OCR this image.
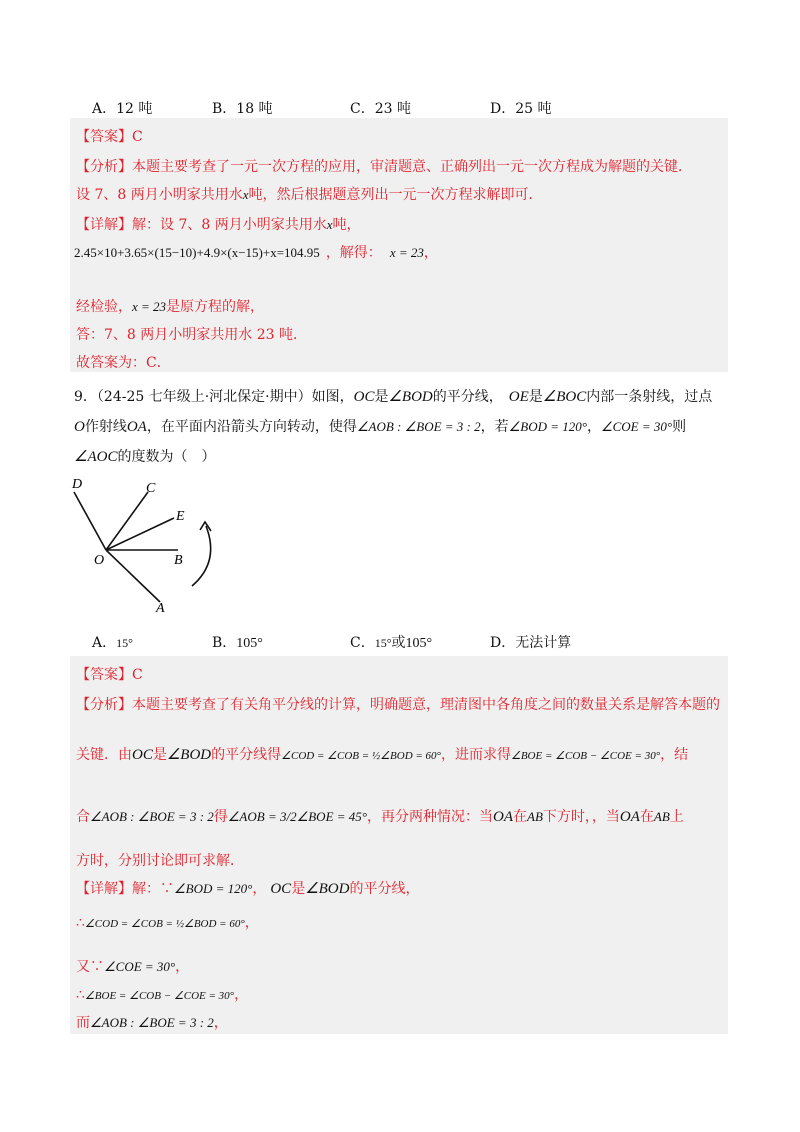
A．12 吨	B．18 吨	C．23 吨	D．25 吨
【答案】C
【分析】本题主要考查了一元一次方程的应用，审清题意、正确列出一元一次方程成为解题的关键．
设 7、8 两月小明家共用水x吨，然后根据题意列出一元一次方程求解即可．
【详解】解：设 7、8 两月小明家共用水x吨，
2.45×10+3.65×(15−10)+4.9×(x−15)+x=104.95 ，解得： x = 23，
经检验，x = 23是原方程的解，
答：7、8 两月小明家共用水 23 吨．
故答案为：C．
9．（24-25 七年级上·河北保定·期中）如图，OC是∠BOD的平分线， OE是∠BOC内部一条射线，过点
O作射线OA，在平面内沿箭头方向转动，使得∠AOB : ∠BOE = 3 : 2，若∠BOD = 120°，∠COE = 30°则
∠AOC的度数为（　）
D	C
E
O	B
A
A．15°	B．105°	C．15°或105°	D．无法计算
【答案】C
【分析】本题主要考查了有关角平分线的计算，明确题意，理清图中各角度之间的数量关系是解答本题的
关键．由OC是∠BOD的平分线得∠COD = ∠COB = ½∠BOD = 60°，进而求得∠BOE = ∠COB − ∠COE = 30°，结
合∠AOB : ∠BOE = 3 : 2得∠AOB = 3/2∠BOE = 45°，再分两种情况：当OA在AB下方时，，当OA在AB上
方时，分别讨论即可求解．
【详解】解：∵∠BOD = 120°， OC是∠BOD的平分线，
∴∠COD = ∠COB = ½∠BOD = 60°，
又∵∠COE = 30°，
∴∠BOE = ∠COB − ∠COE = 30°，
而∠AOB : ∠BOE = 3 : 2，
